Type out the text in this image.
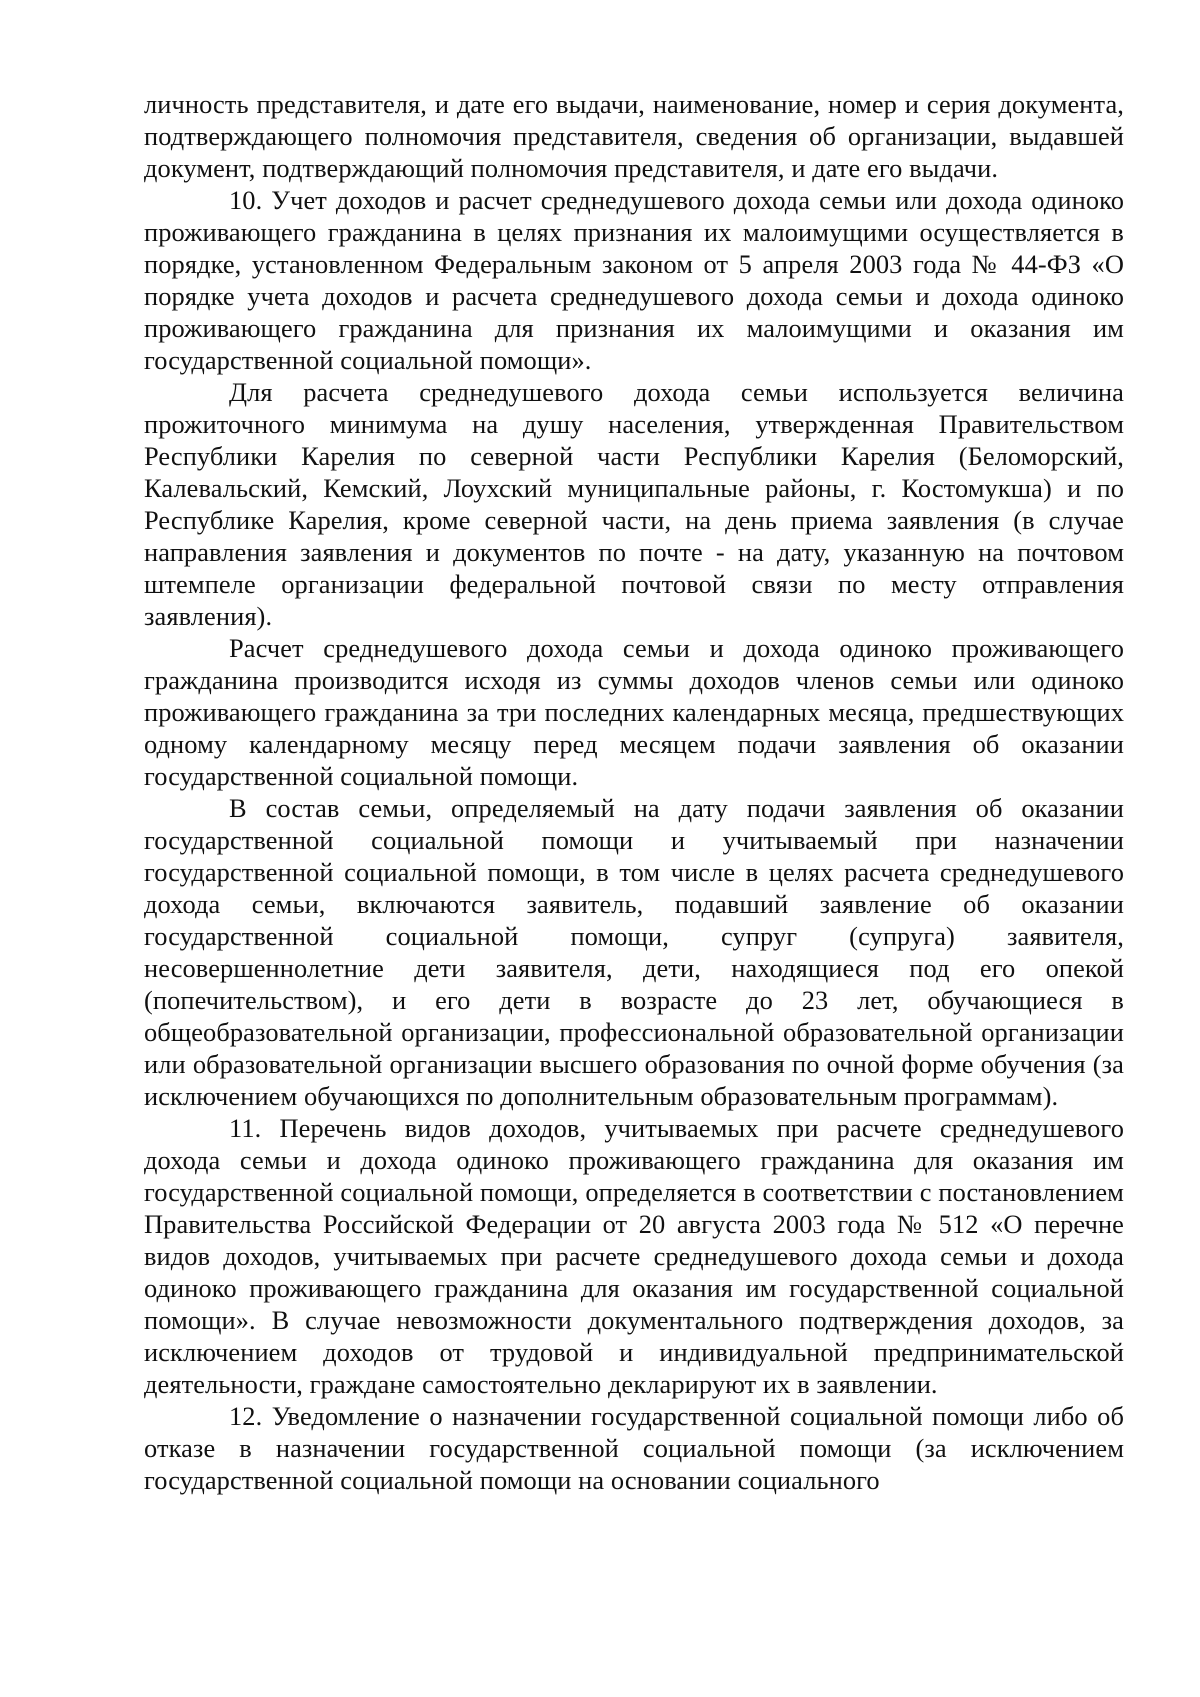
личность представителя, и дате его выдачи, наименование, номер и серия документа, подтверждающего полномочия представителя, сведения об организации, выдавшей документ, подтверждающий полномочия представителя, и дате его выдачи.

10. Учет доходов и расчет среднедушевого дохода семьи или дохода одиноко проживающего гражданина в целях признания их малоимущими осуществляется в порядке, установленном Федеральным законом от 5 апреля 2003 года № 44-ФЗ «О порядке учета доходов и расчета среднедушевого дохода семьи и дохода одиноко проживающего гражданина для признания их малоимущими и оказания им государственной социальной помощи».

Для расчета среднедушевого дохода семьи используется величина прожиточного минимума на душу населения, утвержденная Правительством Республики Карелия по северной части Республики Карелия (Беломорский, Калевальский, Кемский, Лоухский муниципальные районы, г. Костомукша) и по Республике Карелия, кроме северной части, на день приема заявления (в случае направления заявления и документов по почте - на дату, указанную на почтовом штемпеле организации федеральной почтовой связи по месту отправления заявления).

Расчет среднедушевого дохода семьи и дохода одиноко проживающего гражданина производится исходя из суммы доходов членов семьи или одиноко проживающего гражданина за три последних календарных месяца, предшествующих одному календарному месяцу перед месяцем подачи заявления об оказании государственной социальной помощи.

В состав семьи, определяемый на дату подачи заявления об оказании государственной социальной помощи и учитываемый при назначении государственной социальной помощи, в том числе в целях расчета среднедушевого дохода семьи, включаются заявитель, подавший заявление об оказании государственной социальной помощи, супруг (супруга) заявителя, несовершеннолетние дети заявителя, дети, находящиеся под его опекой (попечительством), и его дети в возрасте до 23 лет, обучающиеся в общеобразовательной организации, профессиональной образовательной организации или образовательной организации высшего образования по очной форме обучения (за исключением обучающихся по дополнительным образовательным программам).

11. Перечень видов доходов, учитываемых при расчете среднедушевого дохода семьи и дохода одиноко проживающего гражданина для оказания им государственной социальной помощи, определяется в соответствии с постановлением Правительства Российской Федерации от 20 августа 2003 года № 512 «О перечне видов доходов, учитываемых при расчете среднедушевого дохода семьи и дохода одиноко проживающего гражданина для оказания им государственной социальной помощи». В случае невозможности документального подтверждения доходов, за исключением доходов от трудовой и индивидуальной предпринимательской деятельности, граждане самостоятельно декларируют их в заявлении.

12. Уведомление о назначении государственной социальной помощи либо об отказе в назначении государственной социальной помощи (за исключением государственной социальной помощи на основании социального
